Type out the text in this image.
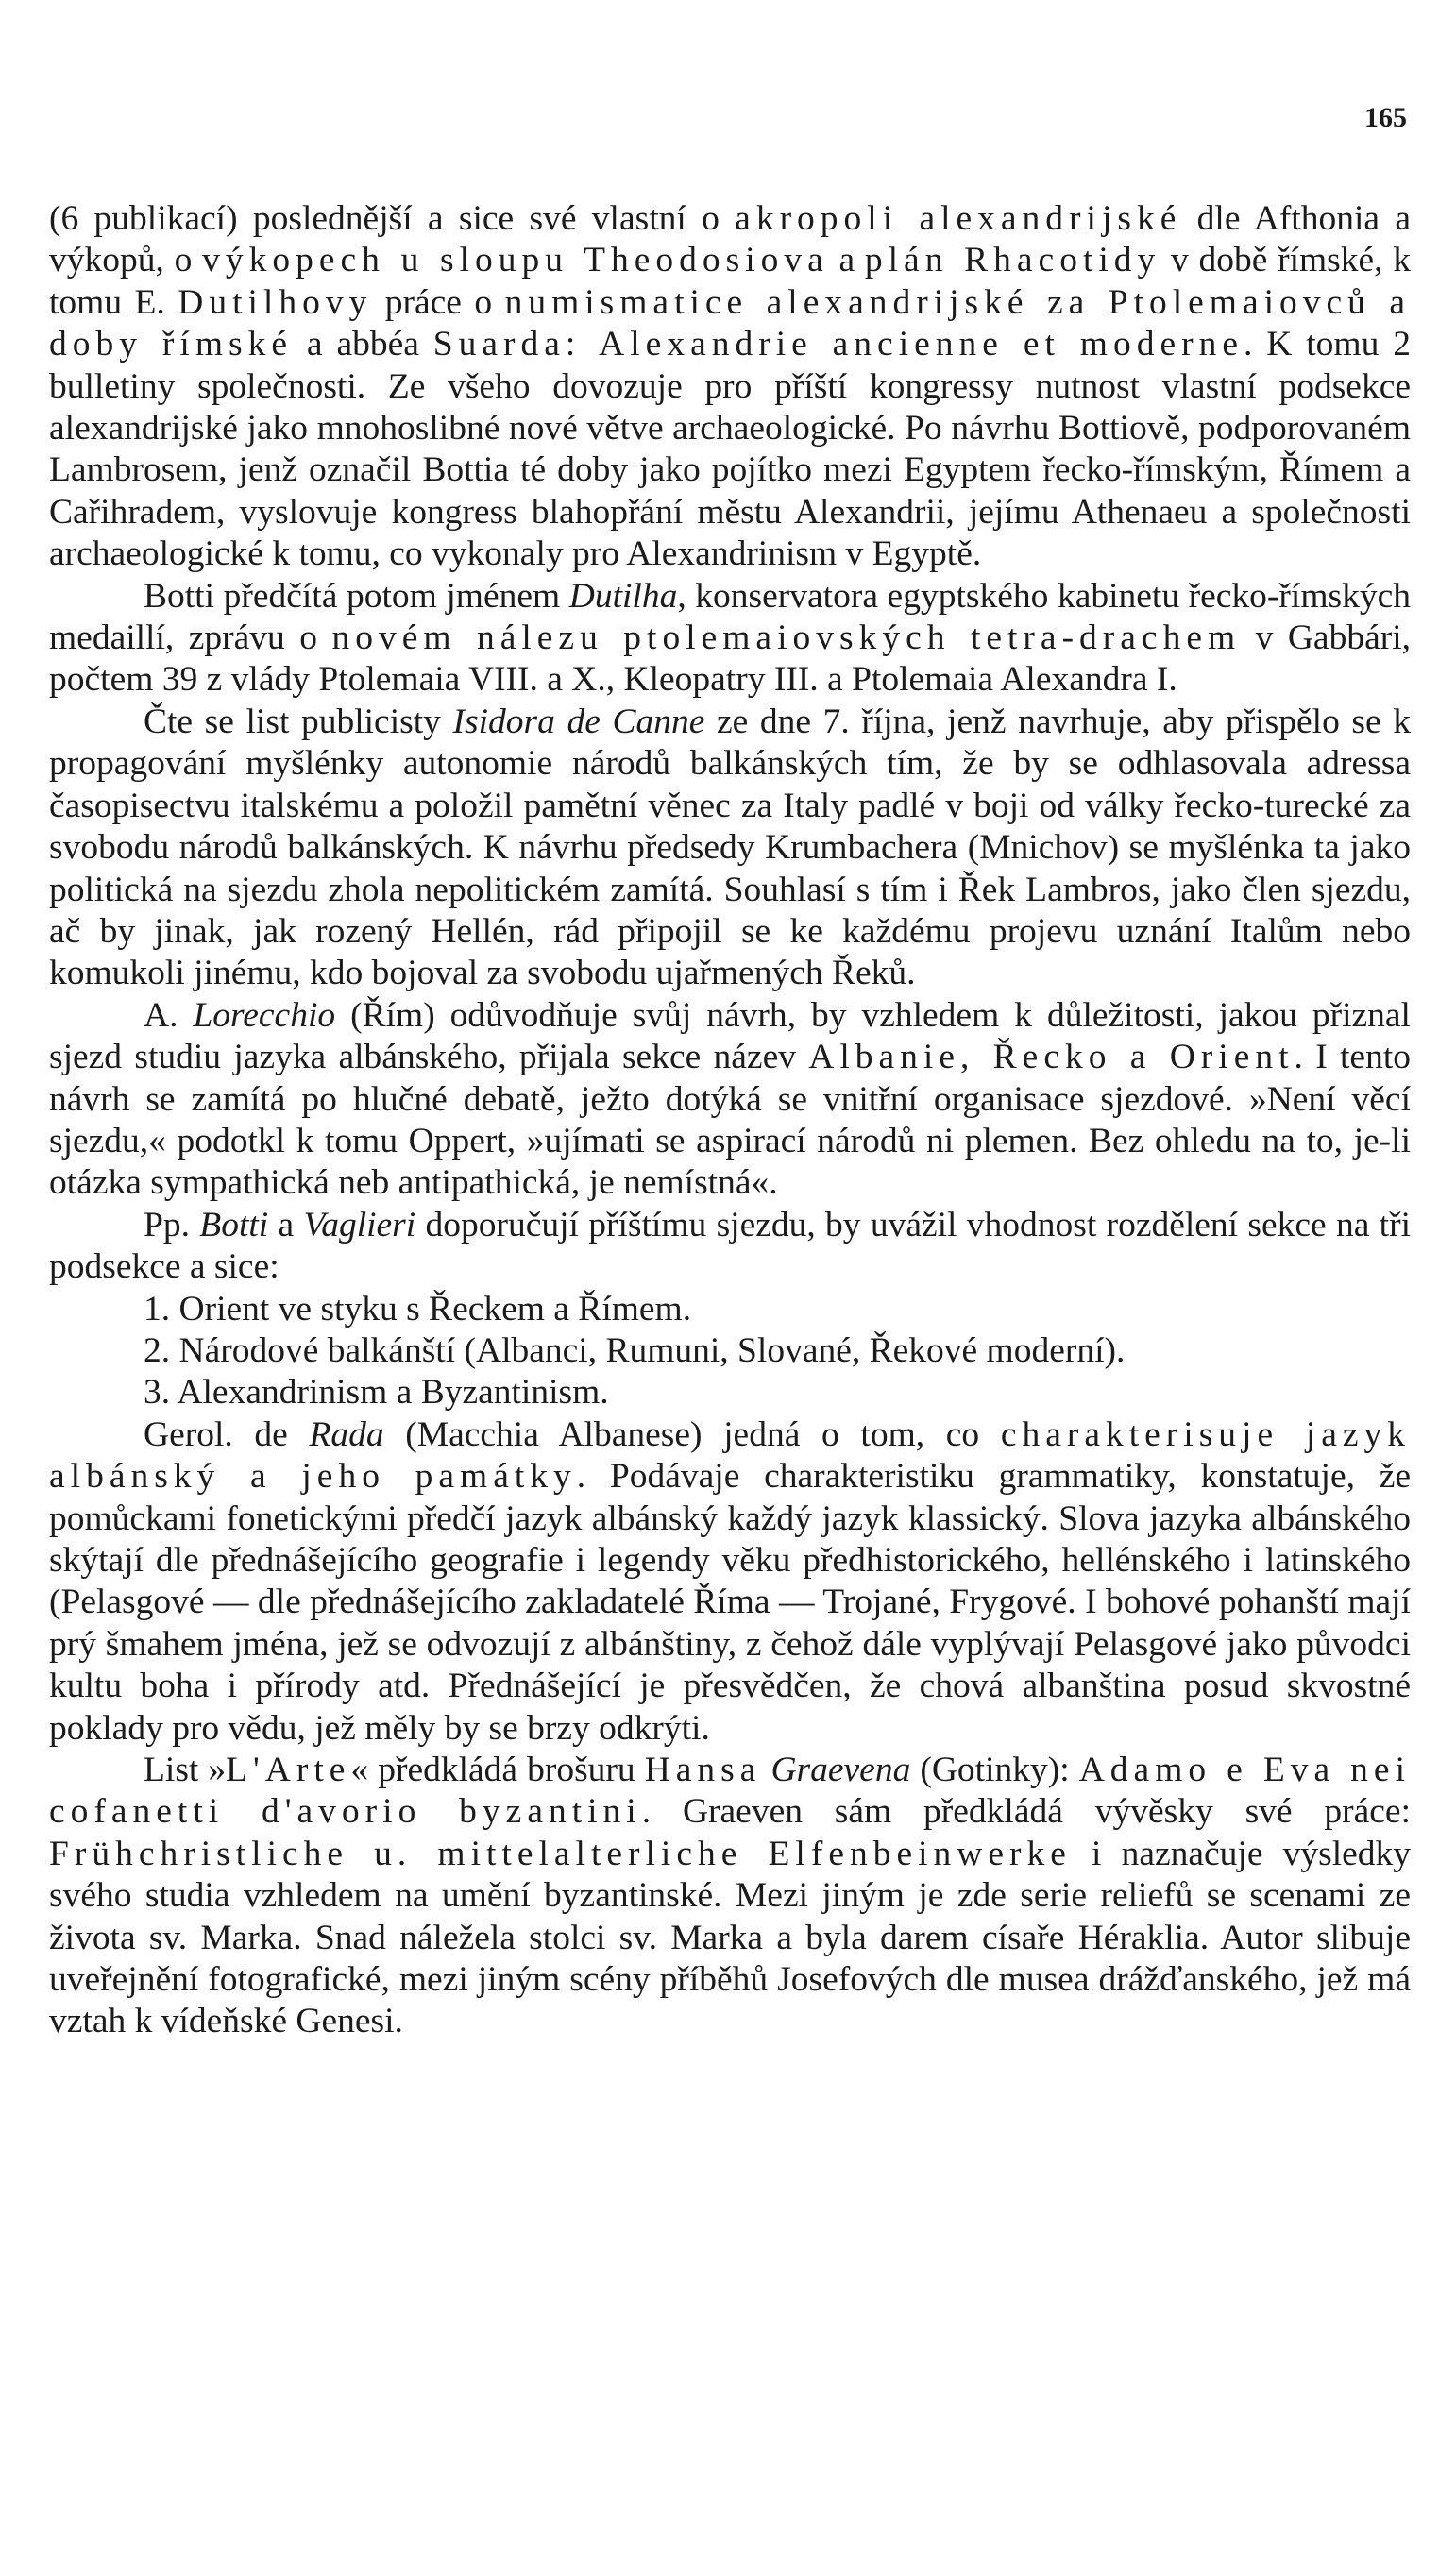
165

(6 publikací) poslednější a sice své vlastní o akropoli alexandrijské dle Afthonia a výkopů, o výkopech u sloupu Theodosiova a plán Rhacotidy v době římské, k tomu E. Dutilhovy práce o numismatice alexandrijské za Ptolemaiovců a doby římské a abbéa Suarda: Alexandrie ancienne et moderne. K tomu 2 bulletiny společnosti. Ze všeho dovozuje pro příští kongressy nutnost vlastní podsekce alexandrijské jako mnohoslibné nové větve archaeologické. Po návrhu Bottiově, podporovaném Lambrosem, jenž označil Bottia té doby jako pojítko mezi Egyptem řecko-římským, Římem a Cařihradem, vyslovuje kongress blahopřání městu Alexandrii, jejímu Athenaeu a společnosti archaeologické k tomu, co vykonaly pro Alexandrinism v Egyptě.

Botti předčítá potom jménem Dutilha, konservatora egyptského kabinetu řecko-římských medaillí, zprávu o novém nálezu ptolemaiovských tetra-drachem v Gabbári, počtem 39 z vlády Ptolemaia VIII. a X., Kleopatry III. a Ptolemaia Alexandra I.

Čte se list publicisty Isidora de Canne ze dne 7. října, jenž navrhuje, aby přispělo se k propagování myšlénky autonomie národů balkánských tím, že by se odhlasovala adressa časopisectvu italskému a položil pamětní věnec za Italy padlé v boji od války řecko-turecké za svobodu národů balkánských. K návrhu předsedy Krumbachera (Mnichov) se myšlénka ta jako politická na sjezdu zhola nepolitickém zamítá. Souhlasí s tím i Řek Lambros, jako člen sjezdu, ač by jinak, jak rozený Hellén, rád připojil se ke každému projevu uznání Italům nebo komukoli jinému, kdo bojoval za svobodu ujařmených Řeků.

A. Lorecchio (Řím) odůvodňuje svůj návrh, by vzhledem k důležitosti, jakou přiznal sjezd studiu jazyka albánského, přijala sekce název Albanie, Řecko a Orient. I tento návrh se zamítá po hlučné debatě, ježto dotýká se vnitřní organisace sjezdové. »Není věcí sjezdu,« podotkl k tomu Oppert, »ujímati se aspirací národů ni plemen. Bez ohledu na to, je-li otázka sympathická neb antipathická, je nemístná«.

Pp. Botti a Vaglieri doporučují příštímu sjezdu, by uvážil vhodnost rozdělení sekce na tři podsekce a sice:

1. Orient ve styku s Řeckem a Římem.

2. Národové balkánští (Albanci, Rumuni, Slované, Řekové moderní).

3. Alexandrinism a Byzantinism.

Gerol. de Rada (Macchia Albanese) jedná o tom, co charakterisuje jazyk albánský a jeho památky. Podávaje charakteristiku grammatiky, konstatuje, že pomůckami fonetickými předčí jazyk albánský každý jazyk klassický. Slova jazyka albánského skýtají dle přednášejícího geografie i legendy věku předhistorického, hellénského i latinského (Pelasgové — dle přednášejícího zakladatelé Říma — Trojané, Frygové. I bohové pohanští mají prý šmahem jména, jež se odvozují z albánštiny, z čehož dále vyplývají Pelasgové jako původci kultu boha i přírody atd. Přednášející je přesvědčen, že chová albanština posud skvostné poklady pro vědu, jež měly by se brzy odkrýti.

List »L'Arte« předkládá brošuru Hansa Graevena (Gotinky): Adamo e Eva nei cofanetti d'avorio byzantini. Graeven sám předkládá vývěsky své práce: Frühchristliche u. mittelalterliche Elfenbeinwerke i naznačuje výsledky svého studia vzhledem na umění byzantinské. Mezi jiným je zde serie reliefů se scenami ze života sv. Marka. Snad náležela stolci sv. Marka a byla darem císaře Héraklia. Autor slibuje uveřejnění fotografické, mezi jiným scény příběhů Josefových dle musea drážďanského, jež má vztah k vídeňské Genesi.
